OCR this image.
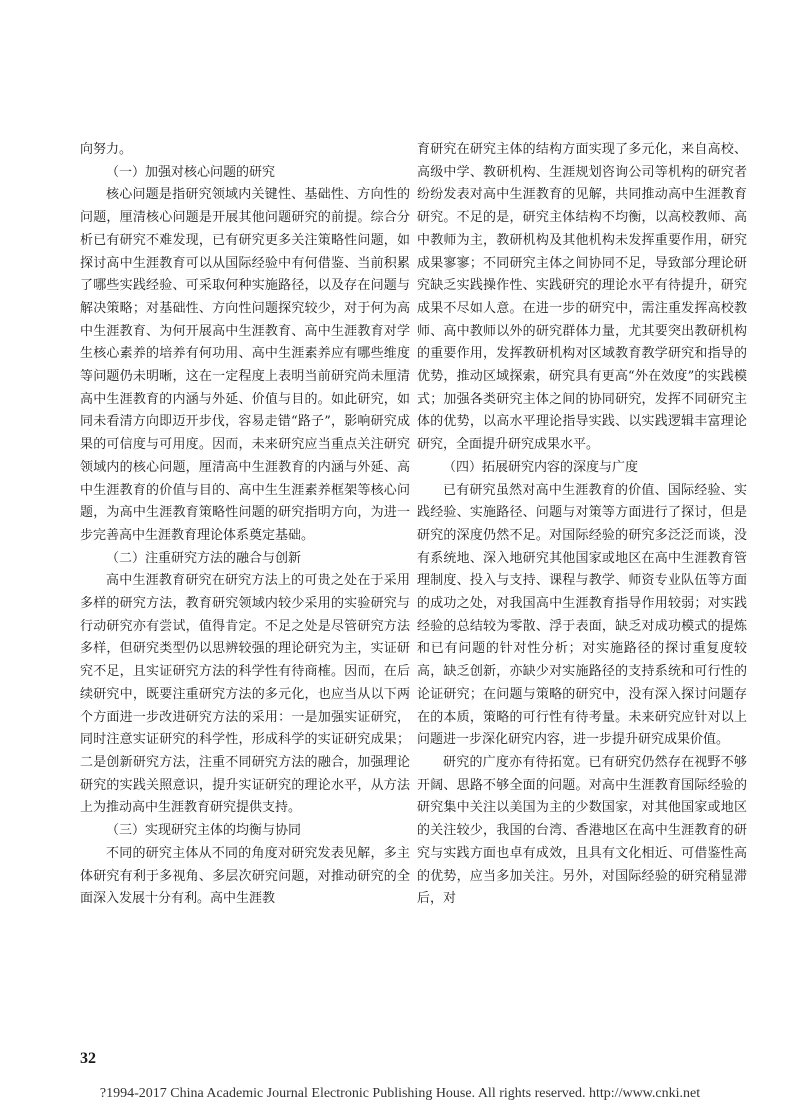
向努力。

（一）加强对核心问题的研究

核心问题是指研究领域内关键性、基础性、方向性的问题，厘清核心问题是开展其他问题研究的前提。综合分析已有研究不难发现，已有研究更多关注策略性问题，如探讨高中生涯教育可以从国际经验中有何借鉴、当前积累了哪些实践经验、可采取何种实施路径，以及存在问题与解决策略；对基础性、方向性问题探究较少，对于何为高中生涯教育、为何开展高中生涯教育、高中生涯教育对学生核心素养的培养有何功用、高中生涯素养应有哪些维度等问题仍未明晰，这在一定程度上表明当前研究尚未厘清高中生涯教育的内涵与外延、价值与目的。如此研究，如同未看清方向即迈开步伐，容易走错“路子”，影响研究成果的可信度与可用度。因而，未来研究应当重点关注研究领域内的核心问题，厘清高中生涯教育的内涵与外延、高中生涯教育的价值与目的、高中生生涯素养框架等核心问题，为高中生涯教育策略性问题的研究指明方向，为进一步完善高中生涯教育理论体系奠定基础。

（二）注重研究方法的融合与创新

高中生涯教育研究在研究方法上的可贵之处在于采用多样的研究方法，教育研究领域内较少采用的实验研究与行动研究亦有尝试，值得肯定。不足之处是尽管研究方法多样，但研究类型仍以思辨较强的理论研究为主，实证研究不足，且实证研究方法的科学性有待商榷。因而，在后续研究中，既要注重研究方法的多元化，也应当从以下两个方面进一步改进研究方法的采用：一是加强实证研究，同时注意实证研究的科学性，形成科学的实证研究成果；二是创新研究方法，注重不同研究方法的融合，加强理论研究的实践关照意识，提升实证研究的理论水平，从方法上为推动高中生涯教育研究提供支持。

（三）实现研究主体的均衡与协同

不同的研究主体从不同的角度对研究发表见解，多主体研究有利于多视角、多层次研究问题，对推动研究的全面深入发展十分有利。高中生涯教

育研究在研究主体的结构方面实现了多元化，来自高校、高级中学、教研机构、生涯规划咨询公司等机构的研究者纷纷发表对高中生涯教育的见解，共同推动高中生涯教育研究。不足的是，研究主体结构不均衡，以高校教师、高中教师为主，教研机构及其他机构未发挥重要作用，研究成果寥寥；不同研究主体之间协同不足，导致部分理论研究缺乏实践操作性、实践研究的理论水平有待提升，研究成果不尽如人意。在进一步的研究中，需注重发挥高校教师、高中教师以外的研究群体力量，尤其要突出教研机构的重要作用，发挥教研机构对区域教育教学研究和指导的优势，推动区域探索，研究具有更高“外在效度”的实践模式；加强各类研究主体之间的协同研究，发挥不同研究主体的优势，以高水平理论指导实践、以实践逻辑丰富理论研究，全面提升研究成果水平。

（四）拓展研究内容的深度与广度

已有研究虽然对高中生涯教育的价值、国际经验、实践经验、实施路径、问题与对策等方面进行了探讨，但是研究的深度仍然不足。对国际经验的研究多泛泛而谈，没有系统地、深入地研究其他国家或地区在高中生涯教育管理制度、投入与支持、课程与教学、师资专业队伍等方面的成功之处，对我国高中生涯教育指导作用较弱；对实践经验的总结较为零散、浮于表面，缺乏对成功模式的提炼和已有问题的针对性分析；对实施路径的探讨重复度较高，缺乏创新，亦缺少对实施路径的支持系统和可行性的论证研究；在问题与策略的研究中，没有深入探讨问题存在的本质，策略的可行性有待考量。未来研究应针对以上问题进一步深化研究内容，进一步提升研究成果价值。

研究的广度亦有待拓宽。已有研究仍然存在视野不够开阔、思路不够全面的问题。对高中生涯教育国际经验的研究集中关注以美国为主的少数国家，对其他国家或地区的关注较少，我国的台湾、香港地区在高中生涯教育的研究与实践方面也卓有成效，且具有文化相近、可借鉴性高的优势，应当多加关注。另外，对国际经验的研究稍显滞后，对

32
?1994-2017 China Academic Journal Electronic Publishing House. All rights reserved. http://www.cnki.net
